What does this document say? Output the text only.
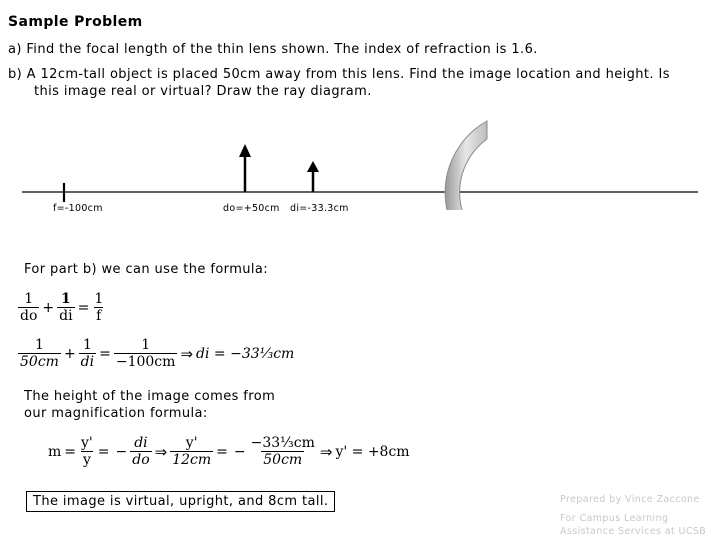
Sample Problem
a) Find the focal length of the thin lens shown. The index of refraction is 1.6.
b) A 12cm-tall object is placed 50cm away from this lens. Find the image location and height. Is
this image real or virtual? Draw the ray diagram.
f=-100cm	do=+50cm di=-33.3cm
For part b) we can use the formula:
$\frac{1}{do} + \frac{1}{di} = \frac{1}{f}$
$\frac{1}{50cm} + \frac{1}{di} = \frac{1}{-100cm}$ ⇒ di = −33⅓cm
The height of the image comes from
our magnification formula:
$m = \frac{y'}{y}$ = − $\frac{di}{do}$ ⇒ $\frac{y'}{12cm}$ = − $\frac{\text{−33⅓cm}}{50cm}$ ⇒ y' = +8cm
The image is virtual, upright, and 8cm tall.	Prepared by Vince Zaccone
For Campus Learning
Assistance Services at UCSB
